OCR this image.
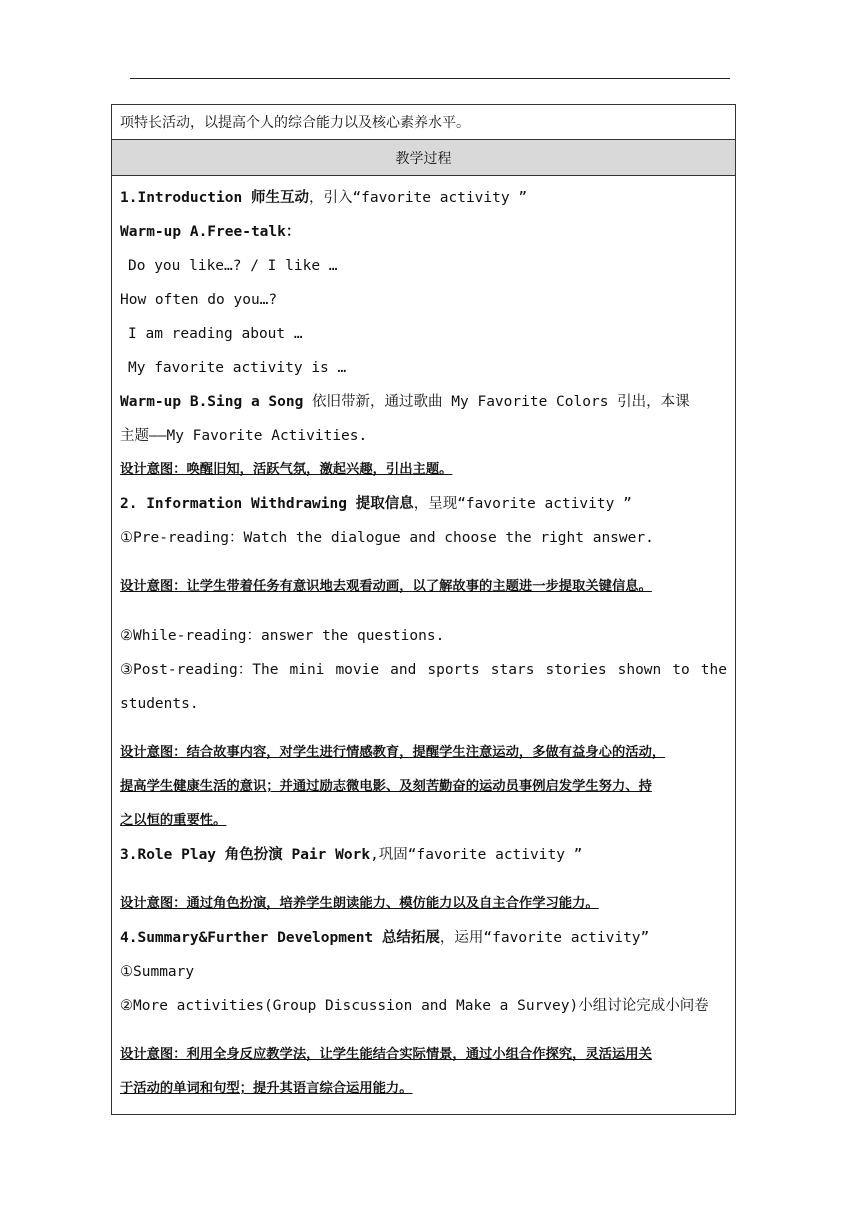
项特长活动，以提高个人的综合能力以及核心素养水平。
教学过程
1.Introduction 师生互动，引入“favorite activity ”
Warm-up A.Free-talk：
Do you like…? / I like …
How often do you…?
I am reading about …
My favorite activity is …
Warm-up B.Sing a Song 依旧带新，通过歌曲 My Favorite Colors 引出，本课
主题——My Favorite Activities.
设计意图：唤醒旧知，活跃气氛，激起兴趣，引出主题。
2. Information Withdrawing 提取信息，呈现“favorite activity ”
①Pre-reading：Watch the dialogue and choose the right answer.
设计意图：让学生带着任务有意识地去观看动画，以了解故事的主题进一步提取关键信息。
②While-reading：answer the questions.
③Post-reading：The mini movie and sports stars stories shown to the
students.
设计意图：结合故事内容，对学生进行情感教育，提醒学生注意运动，多做有益身心的活动，
提高学生健康生活的意识；并通过励志微电影、及刻苦勤奋的运动员事例启发学生努力、持
之以恒的重要性。
3.Role Play 角色扮演 Pair Work,巩固“favorite activity ”
设计意图：通过角色扮演，培养学生朗读能力、模仿能力以及自主合作学习能力。
4.Summary&Further Development 总结拓展，运用“favorite activity”
①Summary
②More activities(Group Discussion and Make a Survey)小组讨论完成小问卷
设计意图：利用全身反应教学法，让学生能结合实际情景，通过小组合作探究，灵活运用关
于活动的单词和句型；提升其语言综合运用能力。
